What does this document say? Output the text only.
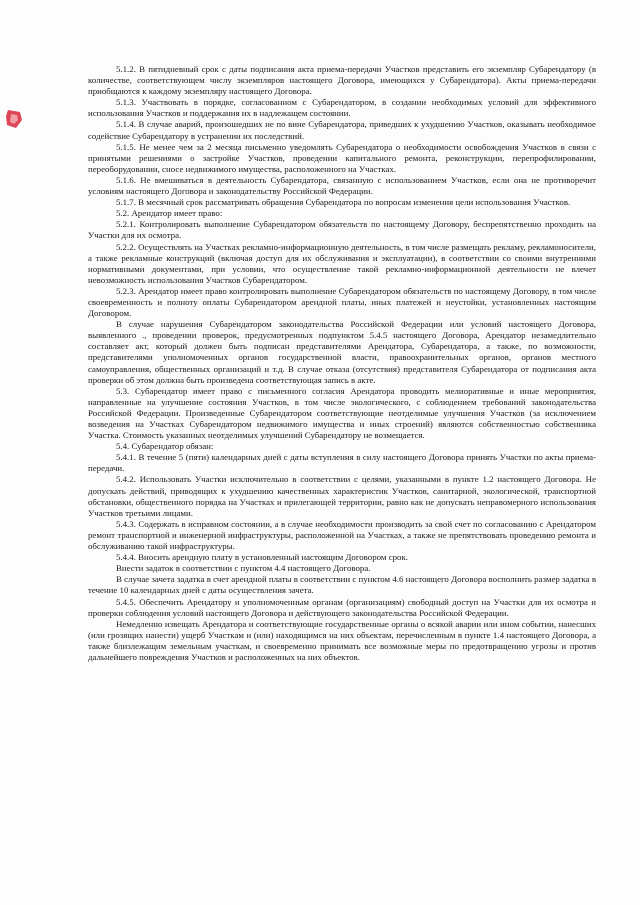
5.1.2. В пятидневный срок с даты подписания акта приема-передачи Участков представить его экземпляр Субарендатору (в количестве, соответствующем числу экземпляров настоящего Договора, имеющихся у Субарендатора). Акты приема-передачи приобщаются к каждому экземпляру настоящего Договора.

5.1.3. Участвовать в порядке, согласованном с Субарендатором, в создании необходимых условий для эффективного использования Участков и поддержания их в надлежащем состоянии.

5.1.4. В случае аварий, произошедших не по вине Субарендатора, приведших к ухудшению Участков, оказывать необходимое содействие Субарендатору в устранении их последствий.

5.1.5. Не менее чем за 2 месяца письменно уведомлять Субарендатора о необходимости освобождения Участков в связи с принятыми решениями о застройке Участков, проведении капитального ремонта, реконструкции, перепрофилировании, переоборудовании, сносе недвижимого имущества, расположенного на Участках.

5.1.6. Не вмешиваться в деятельность Субарендатора, связанную с использованием Участков, если она не противоречит условиям настоящего Договора и законодательству Российской Федерации.

5.1.7. В месячный срок рассматривать обращения Субарендатора по вопросам изменения цели использования Участков.

5.2. Арендатор имеет право:

5.2.1. Контролировать выполнение Субарендатором обязательств по настоящему Договору, беспрепятственно проходить на Участки для их осмотра.

5.2.2. Осуществлять на Участках рекламно-информационную деятельность, в том числе размещать рекламу, рекламоносители, а также рекламные конструкций (включая доступ для их обслуживания и эксплуатации), в соответствии со своими внутренними нормативными документами, при условии, что осуществление такой рекламно-информационной деятельности не влечет невозможность использования Участков Субарендатором.

5.2.3. Арендатор имеет право контролировать выполнение Субарендатором обязательств по настоящему Договору, в том числе своевременность и полноту оплаты Субарендатором арендной платы, иных платежей и неустойки, установленных настоящим Договором.

В случае нарушения Субарендатором законодательства Российской Федерации или условий настоящего Договора, выявленного ., проведении проверок, предусмотренных подпунктом 5.4.5 настоящего Договора, Арендатор незамедлительно составляет акт, который должен быть подписан представителями Арендатора, Субарендатора, а также, по возможности, представителями уполномоченных органов государственной власти, правоохранительных органов, органов местного самоуправления, общественных организаций и т.д. В случае отказа (отсутствия) представителя Субарендатора от подписания акта проверки об этом должна быть произведена соответствующая запись в акте.

5.3. Субарендатор имеет право с письменного согласия Арендатора проводить мелиоративные и иные мероприятия, направленные на улучшение состояния Участков, в том числе экологического, с соблюдением требований законодательства Российской Федерации. Произведенные Субарендатором соответствующие неотделимые улучшения Участков (за исключением возведения на Участках Субарендатором недвижимого имущества и иных строений) являются собственностью собственника Участка. Стоимость указанных неотделимых улучшений Субарендатору не возмещается.

5.4. Субарендатор обязан:

5.4.1. В течение 5 (пяти) календарных дней с даты вступления в силу настоящего Договора принять Участки по акты приема-передачи.

5.4.2. Использовать Участки исключительно в соответствии с целями, указанными в пункте 1.2 настоящего Договора. Не допускать действий, приводящих к ухудшению качественных характеристик Участков, санитарной, экологической, транспортной обстановки, общественного порядка на Участках и прилегающей территории, равно как не допускать неправомерного использования Участков третьими лицами.

5.4.3. Содержать в исправном состоянии, а в случае необходимости производить за свой счет по согласованию с Арендатором ремонт транспортной и инженерной инфраструктуры, расположенной на Участках, а также не препятствовать проведению ремонта и обслуживанию такой инфраструктуры.

5.4.4. Вносить арендную плату в установленный настоящим Договором срок.

Внести задаток в соответствии с пунктом 4.4 настоящего Договора.

В случае зачета задатка в счет арендной платы в соответствии с пунктом 4.6 настоящего Договора восполнить размер задатка в течение 10 календарных дней с даты осуществления зачета.

5.4.5. Обеспечить Арендатору и уполномоченным органам (организациям) свободный доступ на Участки для их осмотра и проверки соблюдения условий настоящего Договора и действующего законодательства Российской Федерации.

Немедленно извещать Арендатора и соответствующие государственные органы о всякой аварии или ином событии, нанесших (или грозящих нанести) ущерб Участкам и (или) находящимся на них объектам, перечисленным в пункте 1.4 настоящего Договора, а также близлежащим земельным участкам, и своевременно принимать все возможные меры по предотвращению угрозы и против дальнейшего повреждения Участков и расположенных на них объектов.
